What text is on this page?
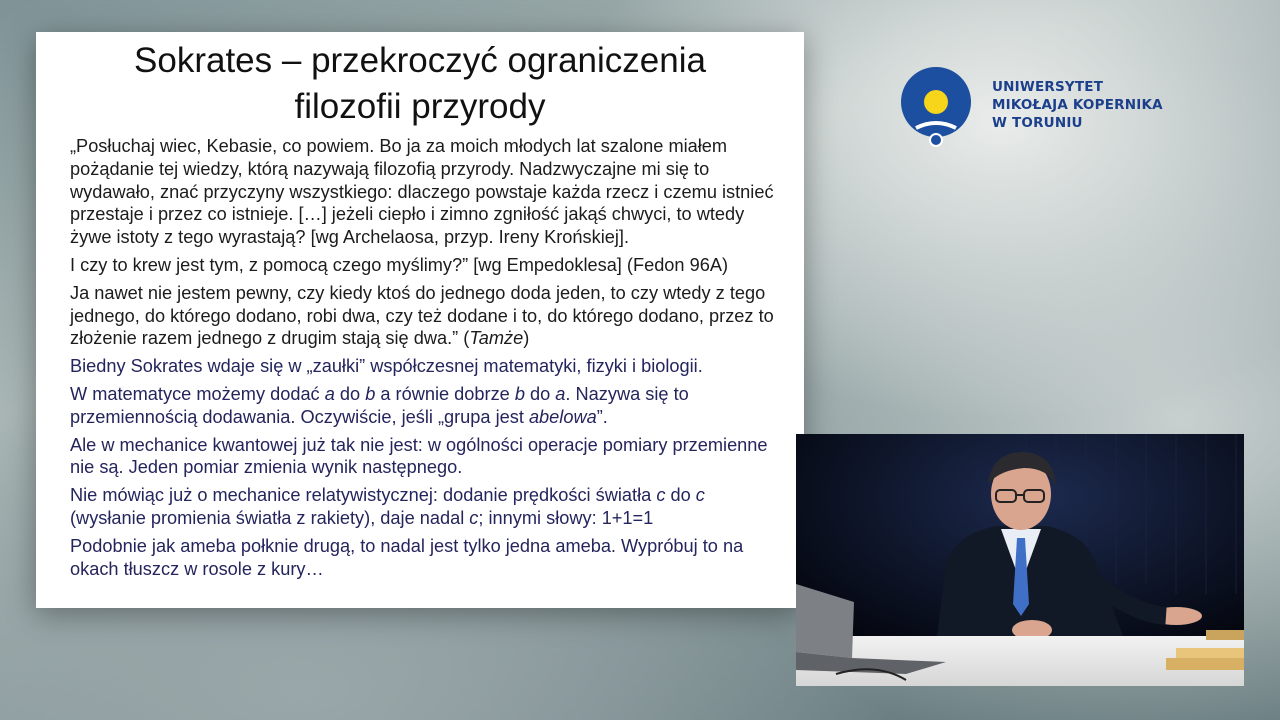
Sokrates – przekroczyć ograniczenia
filozofii przyrody

„Posłuchaj wiec, Kebasie, co powiem. Bo ja za moich młodych lat szalone miałem pożądanie tej wiedzy, którą nazywają filozofią przyrody. Nadzwyczajne mi się to wydawało, znać przyczyny wszystkiego: dlaczego powstaje każda rzecz i czemu istnieć przestaje i przez co istnieje. […] jeżeli ciepło i zimno zgniłość jakąś chwyci, to wtedy żywe istoty z tego wyrastają? [wg Archelaosa, przyp. Ireny Krońskiej].

I czy to krew jest tym, z pomocą czego myślimy?” [wg Empedoklesa] (Fedon 96A)

Ja nawet nie jestem pewny, czy kiedy ktoś do jednego doda jeden, to czy wtedy z tego jednego, do którego dodano, robi dwa, czy też dodane i to, do którego dodano, przez to złożenie razem jednego z drugim stają się dwa.” (Tamże)

Biedny Sokrates wdaje się w „zaułki” współczesnej matematyki, fizyki i biologii.

W matematyce możemy dodać a do b a równie dobrze b do a. Nazywa się to przemiennością dodawania. Oczywiście, jeśli „grupa jest abelowa”.

Ale w mechanice kwantowej już tak nie jest: w ogólności operacje pomiary przemienne nie są. Jeden pomiar zmienia wynik następnego.

Nie mówiąc już o mechanice relatywistycznej: dodanie prędkości światła c do c (wysłanie promienia światła z rakiety), daje nadal c; innymi słowy: 1+1=1

Podobnie jak ameba połknie drugą, to nadal jest tylko jedna ameba. Wypróbuj to na okach tłuszcz w rosole z kury…

UNIWERSYTET
MIKOŁAJA KOPERNIKA
W TORUNIU
